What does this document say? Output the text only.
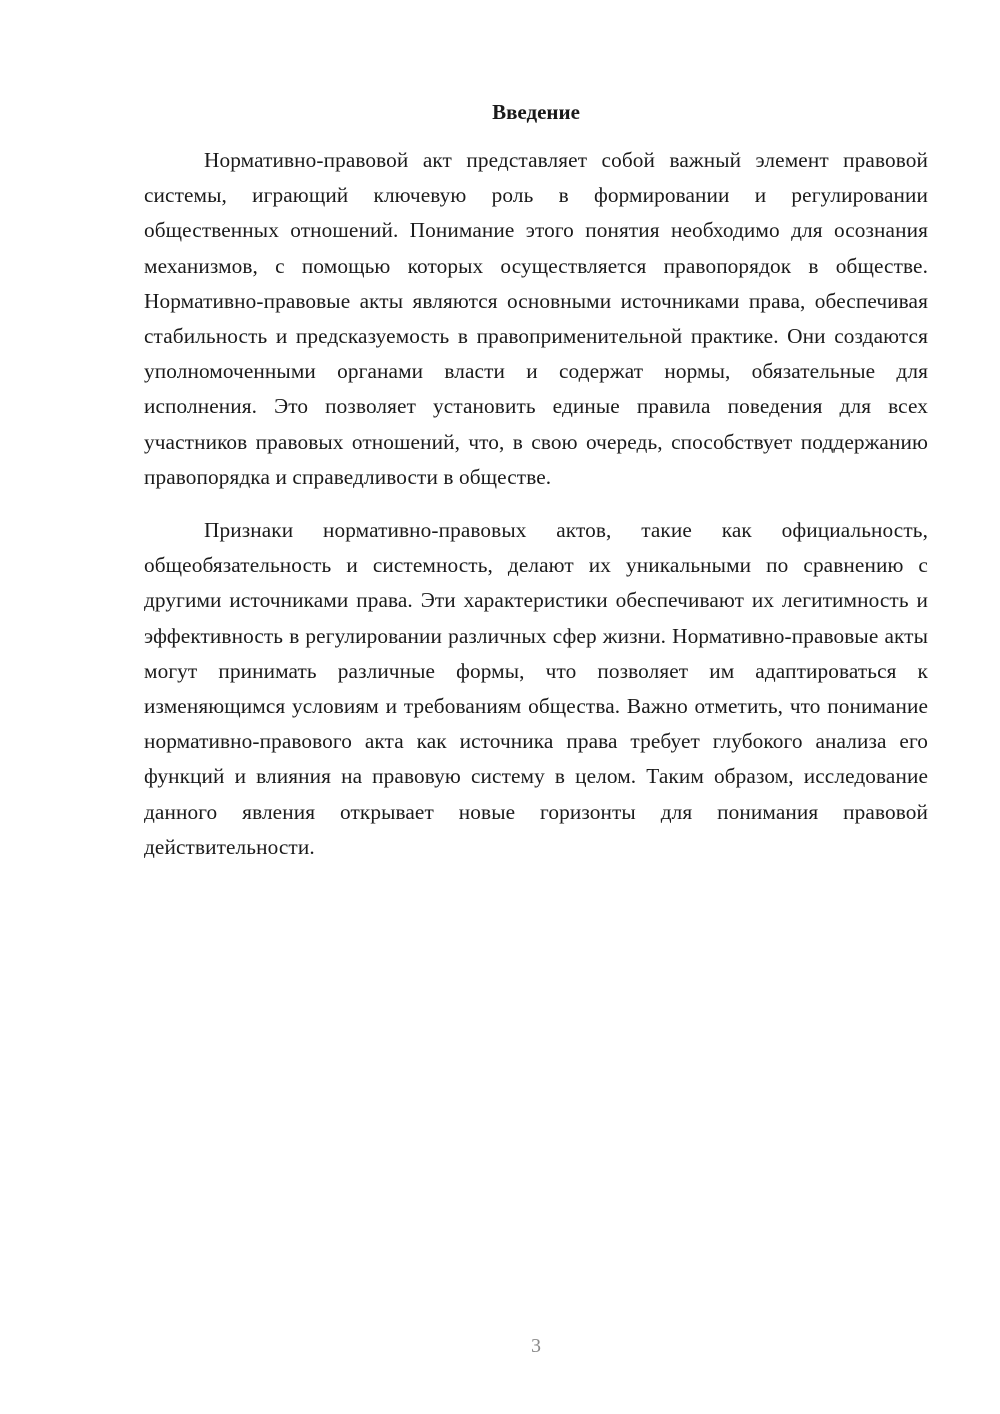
Введение

Нормативно-правовой акт представляет собой важный элемент правовой системы, играющий ключевую роль в формировании и регулировании общественных отношений. Понимание этого понятия необходимо для осознания механизмов, с помощью которых осуществляется правопорядок в обществе. Нормативно-правовые акты являются основными источниками права, обеспечивая стабильность и предсказуемость в правоприменительной практике. Они создаются уполномоченными органами власти и содержат нормы, обязательные для исполнения. Это позволяет установить единые правила поведения для всех участников правовых отношений, что, в свою очередь, способствует поддержанию правопорядка и справедливости в обществе.

Признаки нормативно-правовых актов, такие как официальность, общеобязательность и системность, делают их уникальными по сравнению с другими источниками права. Эти характеристики обеспечивают их легитимность и эффективность в регулировании различных сфер жизни. Нормативно-правовые акты могут принимать различные формы, что позволяет им адаптироваться к изменяющимся условиям и требованиям общества. Важно отметить, что понимание нормативно-правового акта как источника права требует глубокого анализа его функций и влияния на правовую систему в целом. Таким образом, исследование данного явления открывает новые горизонты для понимания правовой действительности.

3
